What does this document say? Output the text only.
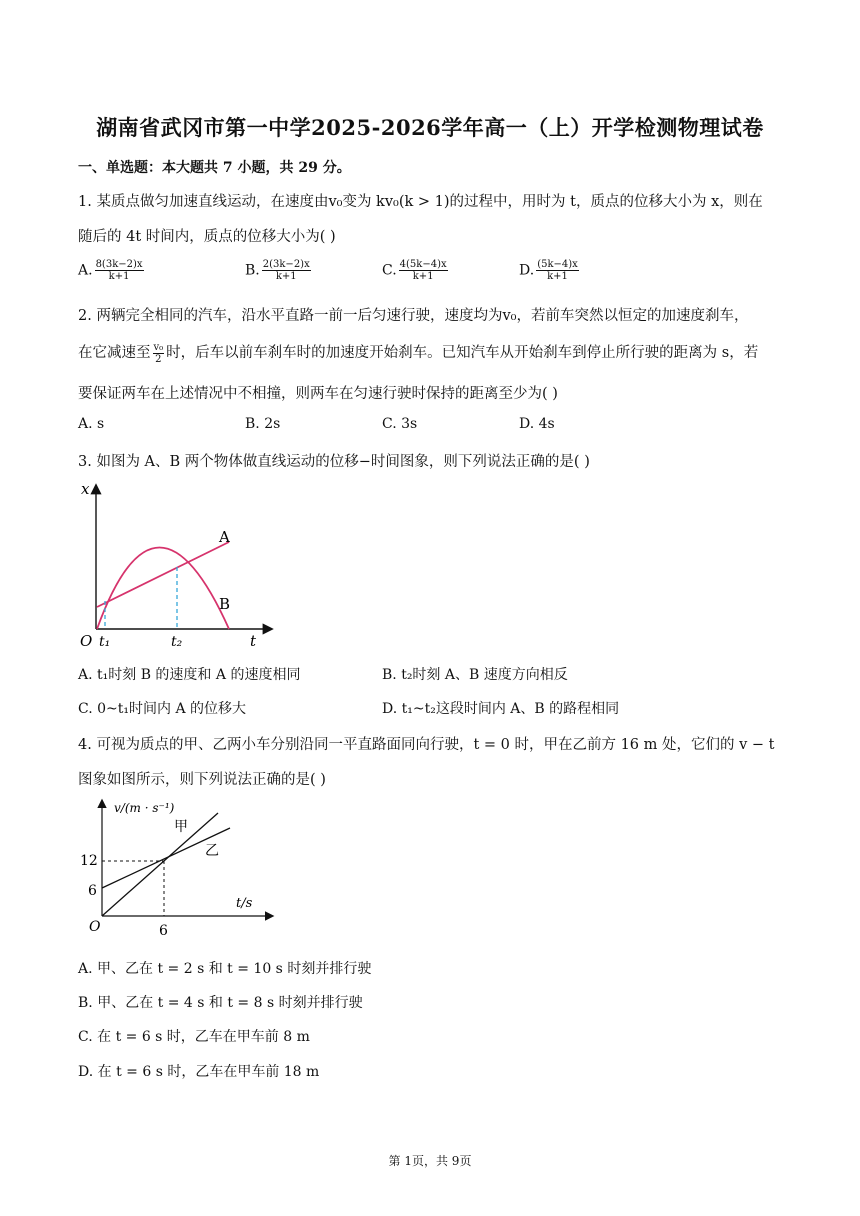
湖南省武冈市第一中学2025-2026学年高一（上）开学检测物理试卷
一、单选题：本大题共 7 小题，共 29 分。
1. 某质点做匀加速直线运动，在速度由v₀变为 kv₀(k > 1)的过程中，用时为 t，质点的位移大小为 x，则在
随后的 4t 时间内，质点的位移大小为( )
A. $\frac{8(3k-2)x}{k+1}$	B. $\frac{2(3k-2)x}{k+1}$	C. $\frac{4(5k-4)x}{k+1}$	D. $\frac{(5k-4)x}{k+1}$
2. 两辆完全相同的汽车，沿水平直路一前一后匀速行驶，速度均为v₀，若前车突然以恒定的加速度刹车，
在它减速至 $\frac{\text{v₀}}{2}$ 时，后车以前车刹车时的加速度开始刹车。已知汽车从开始刹车到停止所行驶的距离为 s，若
要保证两车在上述情况中不相撞，则两车在匀速行驶时保持的距离至少为( )
A. s	B. 2s	C. 3s	D. 4s
3. 如图为 A、B 两个物体做直线运动的位移−时间图象，则下列说法正确的是( )
x
t
O
A
B
t₁	t₂
A. t₁时刻 B 的速度和 A 的速度相同	B. t₂时刻 A、B 速度方向相反
C. 0~t₁时间内 A 的位移大	D. t₁~t₂这段时间内 A、B 的路程相同
4. 可视为质点的甲、乙两小车分别沿同一平直路面同向行驶，t = 0 时，甲在乙前方 16 m 处，它们的 v − t
图象如图所示，则下列说法正确的是( )
v/(m · s⁻¹)
t/s
O
甲
乙
12
6
6
A. 甲、乙在 t = 2 s 和 t = 10 s 时刻并排行驶
B. 甲、乙在 t = 4 s 和 t = 8 s 时刻并排行驶
C. 在 t = 6 s 时，乙车在甲车前 8 m
D. 在 t = 6 s 时，乙车在甲车前 18 m
第 1页，共 9页
